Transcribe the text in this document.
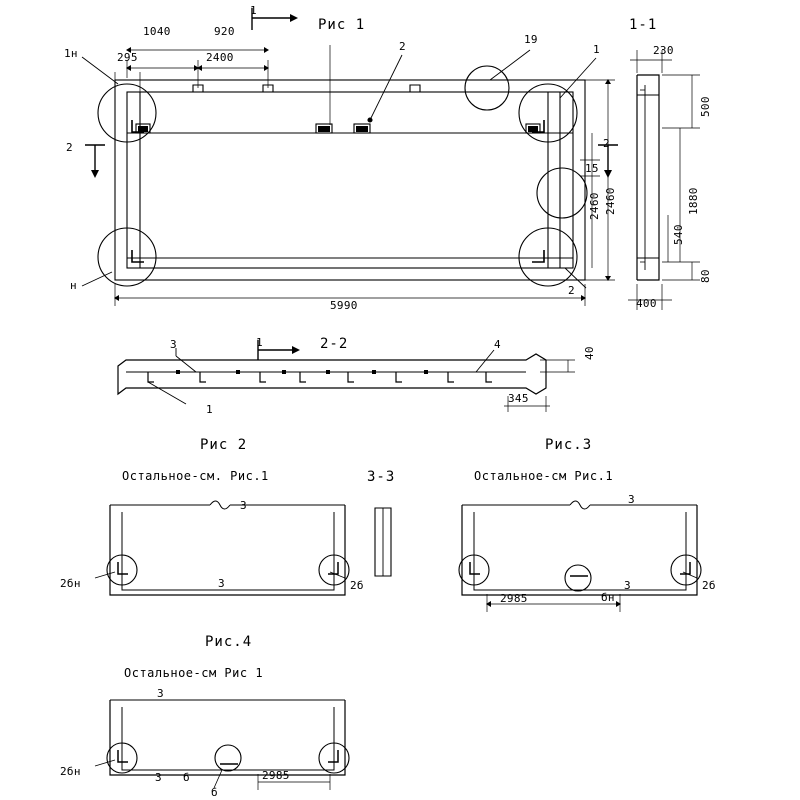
Рис 1
Рис 2	Рис.3
Рис.4
1-1
2-2
3-3
Остальное-см. Рис.1	Остальное-см Рис.1
Остальное-см Рис 1
1040	920
295	2400
5990
2460
2460
15
2
19
1
2
1н
н
1
2	2
230
500
1880
400
80
540
3
1
4
1
40
345
3
3
2бн	2б
3
3
бн
2б
2985
3
3
2бн	б
б
2985
